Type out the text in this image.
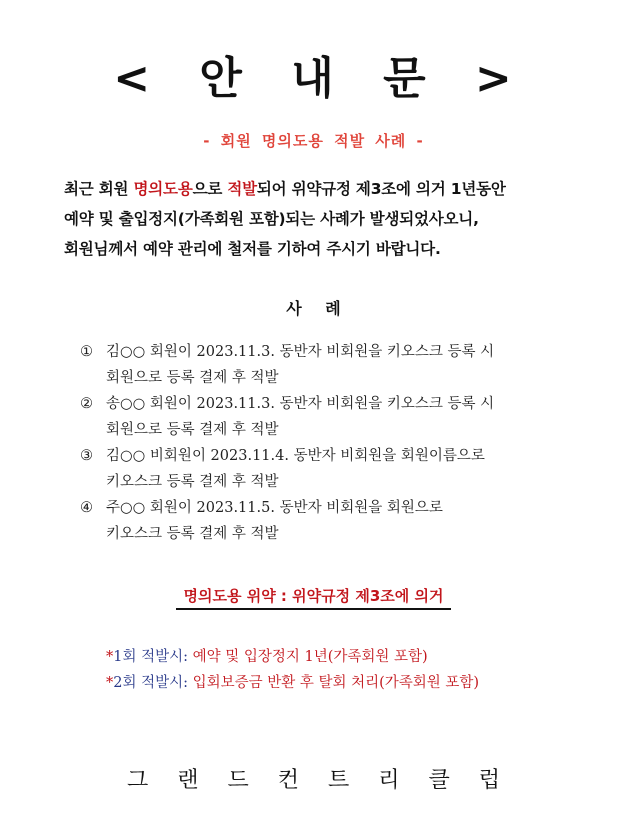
< 안 내 문 >
- 회원 명의도용 적발 사례 -
최근 회원 명의도용으로 적발되어 위약규정 제3조에 의거 1년동안
예약 및 출입정지(가족회원 포함)되는 사례가 발생되었사오니,
회원님께서 예약 관리에 철저를 기하여 주시기 바랍니다.
사 례
① 김○○ 회원이 2023.11.3. 동반자 비회원을 키오스크 등록 시
회원으로 등록 결제 후 적발
② 송○○ 회원이 2023.11.3. 동반자 비회원을 키오스크 등록 시
회원으로 등록 결제 후 적발
③ 김○○ 비회원이 2023.11.4. 동반자 비회원을 회원이름으로
키오스크 등록 결제 후 적발
④ 주○○ 회원이 2023.11.5. 동반자 비회원을 회원으로
키오스크 등록 결제 후 적발
명의도용 위약 : 위약규정 제3조에 의거
*1회 적발시: 예약 및 입장정지 1년(가족회원 포함)
*2회 적발시: 입회보증금 반환 후 탈회 처리(가족회원 포함)
그 랜 드 컨 트 리 클 럽
